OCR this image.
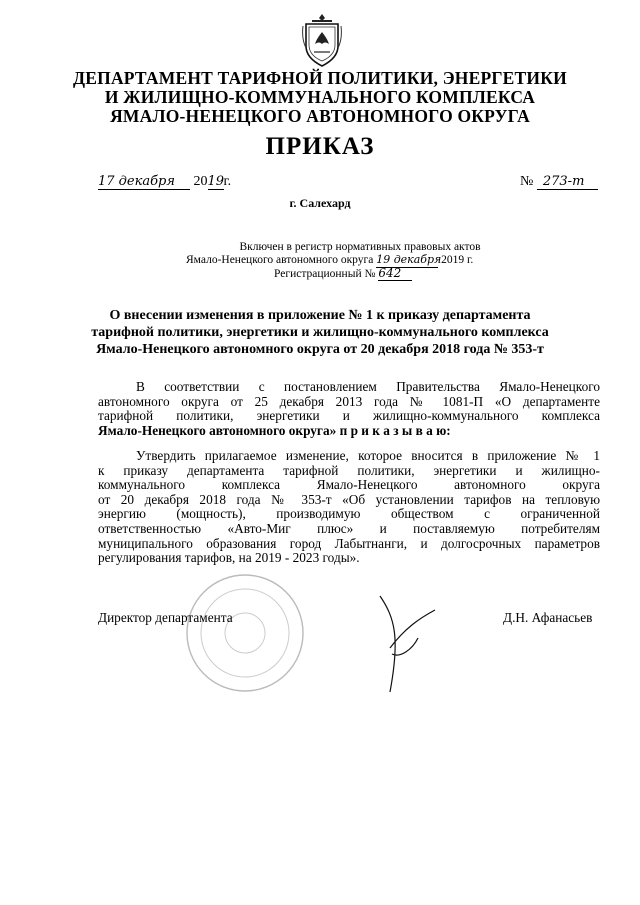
ДЕПАРТАМЕНТ ТАРИФНОЙ ПОЛИТИКИ, ЭНЕРГЕТИКИ
И ЖИЛИЩНО-КОММУНАЛЬНОГО КОМПЛЕКСА
ЯМАЛО-НЕНЕЦКОГО АВТОНОМНОГО ОКРУГА
ПРИКАЗ
17 декабря 2019г.	№ 273-т
г. Салехард
Включен в регистр нормативных правовых актов
Ямало-Ненецкого автономного округа 19 декабря 2019 г.
Регистрационный № 642
О внесении изменения в приложение № 1 к приказу департамента
тарифной политики, энергетики и жилищно-коммунального комплекса
Ямало-Ненецкого автономного округа от 20 декабря 2018 года № 353-т
В соответствии с постановлением Правительства Ямало-Ненецкого
автономного округа от 25 декабря 2013 года № 1081-П «О департаменте
тарифной политики, энергетики и жилищно-коммунального комплекса
Ямало-Ненецкого автономного округа» п р и к а з ы в а ю:
Утвердить прилагаемое изменение, которое вносится в приложение № 1
к приказу департамента тарифной политики, энергетики и жилищно-
коммунального комплекса Ямало-Ненецкого автономного округа
от 20 декабря 2018 года № 353-т «Об установлении тарифов на тепловую
энергию (мощность), производимую обществом с ограниченной
ответственностью «Авто-Миг плюс» и поставляемую потребителям
муниципального образования город Лабытнанги, и долгосрочных параметров
регулирования тарифов, на 2019 - 2023 годы».
Директор департамента	Д.Н. Афанасьев
